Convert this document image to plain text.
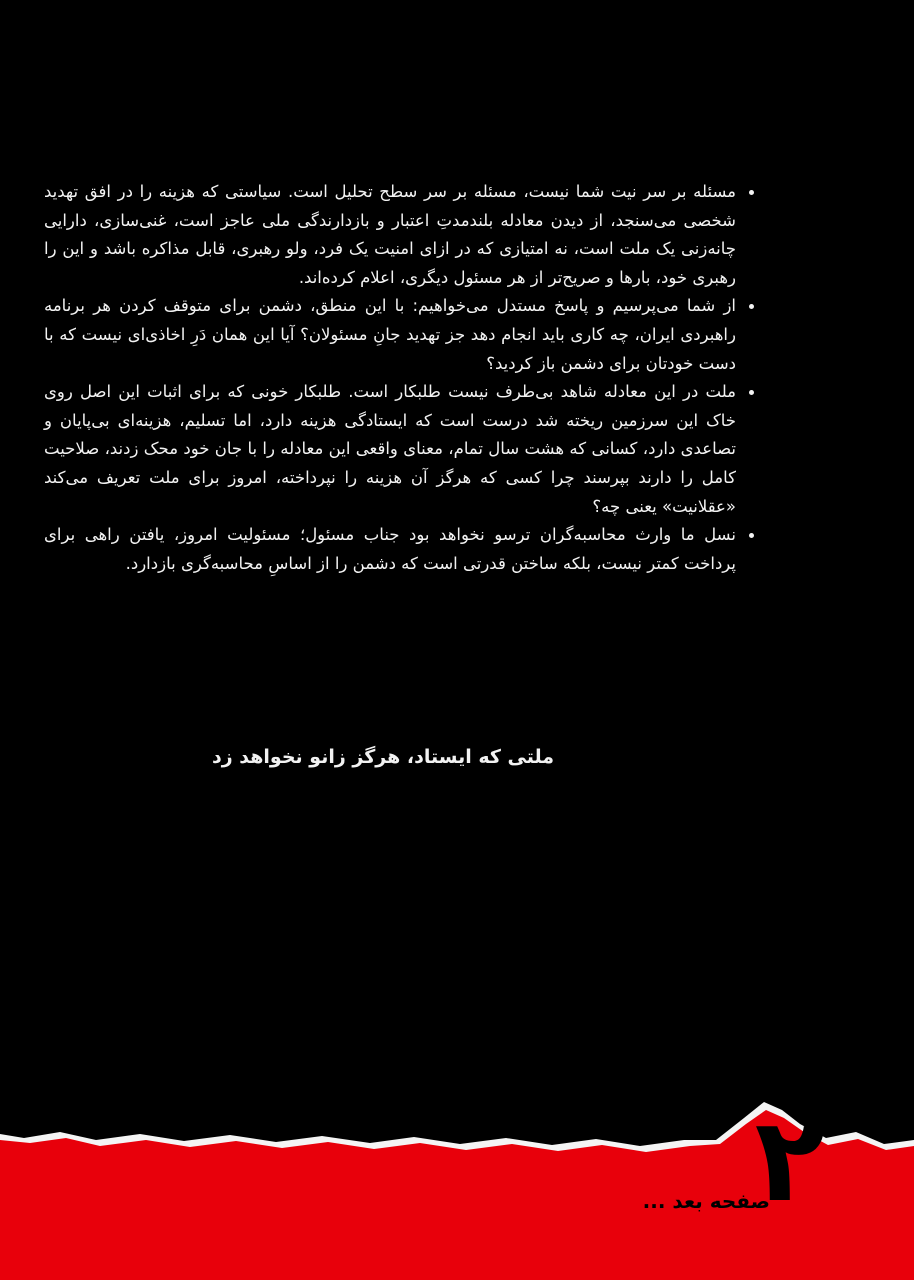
مسئله بر سر نیت شما نیست، مسئله بر سر سطح تحلیل است. سیاستی که هزینه را در افق تهدید شخصی می‌سنجد، از دیدن معادله بلندمدتِ اعتبار و بازدارندگی ملی عاجز است، غنی‌سازی، دارایی چانه‌زنی یک ملت است، نه امتیازی که در ازای امنیت یک فرد، ولو رهبری، قابل مذاکره باشد و این را رهبری خود، بارها و صریح‌تر از هر مسئول دیگری، اعلام کرده‌اند.
از شما می‌پرسیم و پاسخ مستدل می‌خواهیم: با این منطق، دشمن برای متوقف کردن هر برنامه راهبردی ایران، چه کاری باید انجام دهد جز تهدید جانِ مسئولان؟ آیا این همان دَرِ اخاذی‌ای نیست که با دست خودتان برای دشمن باز کردید؟
ملت در این معادله شاهد بی‌طرف نیست طلبکار است. طلبکار خونی که برای اثبات این اصل روی خاک این سرزمین ریخته شد درست است که ایستادگی هزینه دارد، اما تسلیم، هزینه‌ای بی‌پایان و تصاعدی دارد، کسانی که هشت سال تمام، معنای واقعی این معادله را با جان خود محک زدند، صلاحیت کامل را دارند بپرسند چرا کسی که هرگز آن هزینه را نپرداخته، امروز برای ملت تعریف می‌کند «عقلانیت» یعنی چه؟
نسل ما وارث محاسبه‌گران ترسو نخواهد بود جناب مسئول؛ مسئولیت امروز، یافتن راهی برای پرداخت کمتر نیست، بلکه ساختن قدرتی است که دشمن را از اساسِ محاسبه‌گری بازدارد.
ملتی که ایستاد، هرگز زانو نخواهد زد
۲
صفحه بعد ...
